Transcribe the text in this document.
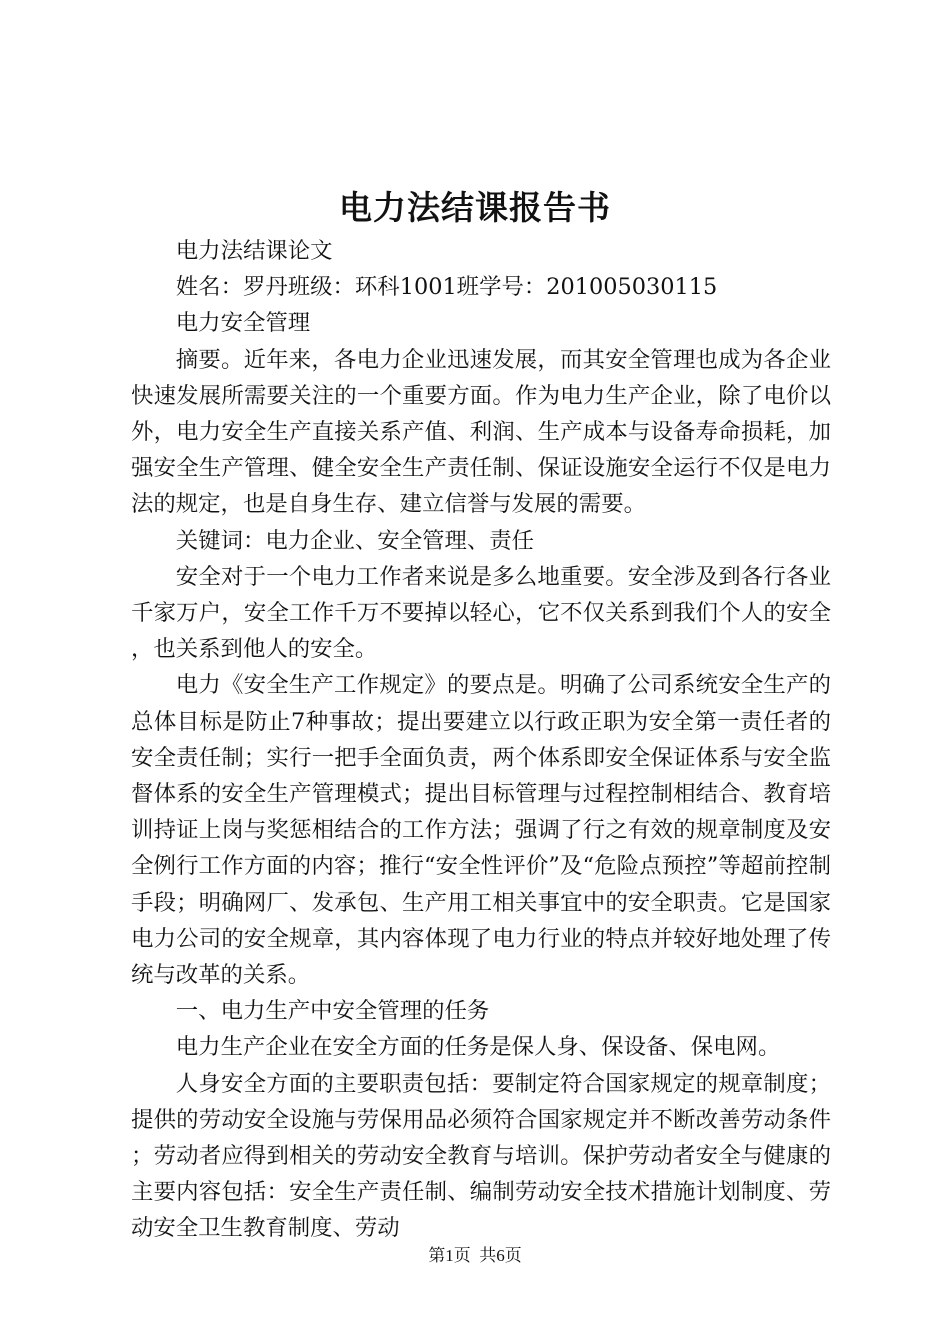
电力法结课报告书

电力法结课论文

姓名：罗丹班级：环科1001班学号：201005030115

电力安全管理

摘要。近年来，各电力企业迅速发展，而其安全管理也成为各企业快速发展所需要关注的一个重要方面。作为电力生产企业，除了电价以外，电力安全生产直接关系产值、利润、生产成本与设备寿命损耗，加强安全生产管理、健全安全生产责任制、保证设施安全运行不仅是电力法的规定，也是自身生存、建立信誉与发展的需要。

关键词：电力企业、安全管理、责任

安全对于一个电力工作者来说是多么地重要。安全涉及到各行各业千家万户，安全工作千万不要掉以轻心，它不仅关系到我们个人的安全，也关系到他人的安全。

电力《安全生产工作规定》的要点是。明确了公司系统安全生产的总体目标是防止7种事故；提出要建立以行政正职为安全第一责任者的安全责任制；实行一把手全面负责，两个体系即安全保证体系与安全监督体系的安全生产管理模式；提出目标管理与过程控制相结合、教育培训持证上岗与奖惩相结合的工作方法；强调了行之有效的规章制度及安全例行工作方面的内容；推行“安全性评价”及“危险点预控”等超前控制手段；明确网厂、发承包、生产用工相关事宜中的安全职责。它是国家电力公司的安全规章，其内容体现了电力行业的特点并较好地处理了传统与改革的关系。

一、电力生产中安全管理的任务

电力生产企业在安全方面的任务是保人身、保设备、保电网。

人身安全方面的主要职责包括：要制定符合国家规定的规章制度；提供的劳动安全设施与劳保用品必须符合国家规定并不断改善劳动条件；劳动者应得到相关的劳动安全教育与培训。保护劳动者安全与健康的主要内容包括：安全生产责任制、编制劳动安全技术措施计划制度、劳动安全卫生教育制度、劳动

第1页 共6页
